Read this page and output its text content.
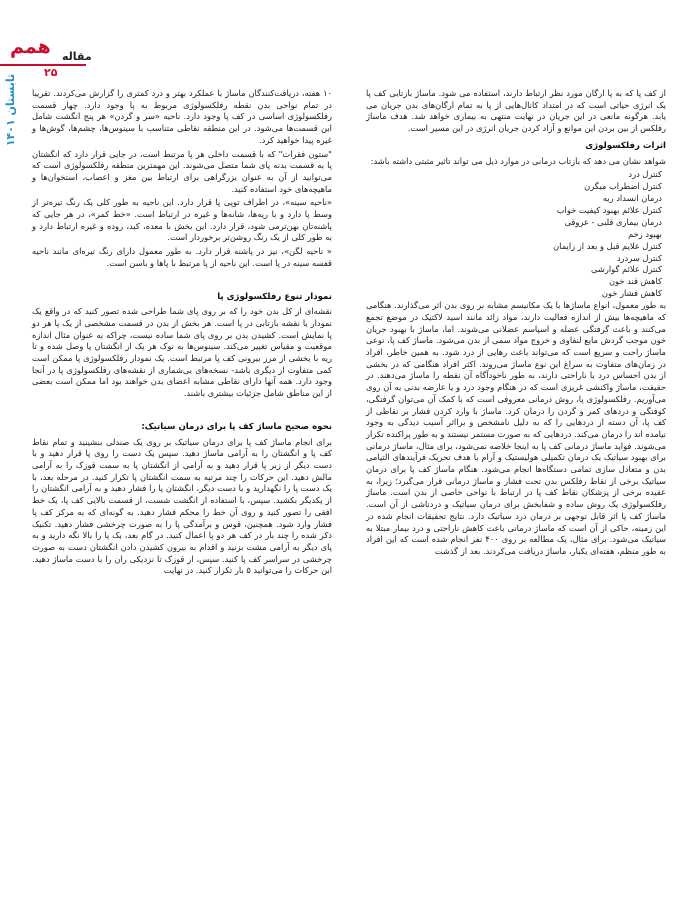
همم مقاله
۲۵
تابستان ۱۴۰۱	از کف پا که به پا ارگان مورد نظر ارتباط دارند، استفاده می شود. ماساژ بازتابی کف پا یک انرژی حیاتی است که در امتداد کانال‌هایی از پا به تمام ارگان‌های بدن جریان می یابد. هرگونه مانعی در این جریان در نهایت منتهی به بیماری خواهد شد. هدف ماساژ رفلکس از بین بردن این موانع و آزاد کردن جریان انرژی در این مسیر است.

اثرات رفلکسولوژی

شواهد نشان می دهد که بازتاب درمانی در موارد ذیل می تواند تاثیر مثبتی داشته باشد:

کنترل درد
کنترل اضطراب میگرن
درمان انسداد ریه
کنترل علائم بهبود کیفیت خواب
درمان بیماری قلبی - عروقی
بهبود زخم
کنترل علایم قبل و بعد از زایمان
کنترل سردرد
کنترل علائم گوارشی
کاهش قند خون
کاهش فشار خون

به طور معمول، انواع ماساژها با یک مکانیسم مشابه بر روی بدن اثر می‌گذارند. هنگامی که ماهیچه‌ها بیش از اندازه فعالیت دارند، مواد زائد مانند اسید لاکتیک در موضع تجمع می‌کنند و باعث گرفتگی عضله و اسپاسم عضلانی می‌شوند. اما، ماساژ با بهبود جریان خون موجب گردش مایع لنفاوی و خروج مواد سمی از بدن می‌شود. ماساژ کف پا، نوعی ماساژ راحت و سریع است که می‌تواند باعث رهایی از درد شود. به همین خاطر، افراد در زمان‌های متفاوت به سراغ این نوع ماساژ می‌روند. اکثر افراد هنگامی که در بخشی از بدن احساس درد یا ناراحتی دارند، به طور ناخودآگاه آن نقطه را ماساژ می‌دهند. در حقیقت، ماساژ واکنشی غریزی است که در هنگام وجود درد و یا عارضه بدنی به آن روی می‌آوریم. رفلکسولوژی پا، روش درمانی معروفی است که با کمک آن می‌توان گرفتگی، کوفتگی و دردهای کمر و گردن را درمان کرد. ماساژ با وارد کردن فشار بر نقاطی از کف پا، آن دسته از دردهایی را که به دلیل نامشخص و برااثر آسیب دیدگی به وجود نیامده اند را درمان می‌کند. دردهایی که به صورت مستمر نیستند و به طور پراکنده تکرار می‌شوند. فواید ماساژ درمانی کف پا به اینجا خلاصه نمی‌شود، برای مثال، ماساژ درمانی برای بهبود سیاتیک یک درمان تکمیلی هولیستیک و آرام با هدف تحریک فرآیندهای التیامی بدن و متعادل سازی تمامی دستگاه‌ها انجام می‌شود. هنگام ماساژ کف پا برای درمان سیاتیک برخی از نقاط رفلکس بدن تحت فشار و ماساژ درمانی قرار می‌گیرد؛ زیرا، به عقیده برخی از پزشکان نقاط کف پا در ارتباط با نواحی خاصی از بدن است. ماساژ رفلکسولوژی یک روش ساده و شفابخش برای درمان سیاتیک و دردناشی از آن است. ماساژ کف پا اثر قابل توجهی بر درمان درد سیاتیک دارد. نتایج تحقیقات انجام شده در این زمینه، حاکی از آن است که ماساژ درمانی باعث کاهش ناراحتی و درد بیمار مبتلا به سیاتیک می‌شود. برای مثال، یک مطالعه بر روی ۴۰۰ نفر انجام شده است که این افراد به طور منظم، هفته‌ای یکبار، ماساژ دریافت می‌کردند. بعد از گذشت

۱۰ هفته، دریافت‌کنندگان ماساژ با عملکرد بهتر و درد کمتری را گزارش می‌کردند. تقریبا در تمام نواحی بدن نقطه رفلکسولوژی مربوط به پا وجود دارد. چهار قسمت رفلکسولوژی اساسی در کف پا وجود دارد. ناحیه «سر و گردن» هر پنج انگشت شامل این قسمت‌ها می‌شود. در این منطقه نقاطی متناسب با سینوس‌ها، چشم‌ها، گوش‌ها و غیره پیدا خواهید کرد.

"ستون فقرات" که با قسمت داخلی هر پا مرتبط است، در جایی قرار دارد که انگشتان پا به قسمت بدنه پای شما متصل می‌شوند. این مهمترین منطقه رفلکسولوژی است که می‌توانید از آن به عنوان بزرگراهی برای ارتباط بین مغز و اعصاب، استخوان‌ها و ماهیچه‌های خود استفاده کنید.

«ناحیه سینه»، در اطراف توپی پا قرار دارد. این ناحیه به طور کلی یک رنگ تیره‌تر از وسط پا دارد و با ریه‌ها، شانه‌ها و غیره در ارتباط است. «خط کمر»، در هر جایی که پاشنه‌تان بهن‌ترمی شود، قرار دارد. این بخش با معده، کبد، روده و غیره ارتباط دارد و به طور کلی از یک رنگ روشن‌تر برخوردار است.

« ناحیه لگن»، نیز در پاشنه قرار دارد. به طور معمول دارای رنگ تیره‌ای مانند ناحیه قفسه سینه در پا است. این ناحیه از پا مرتبط با پاها و باسن است.

نمودار تنوع رفلکسولوژی پا

نقشه‌ای از کل بدن خود را که بر روی پای شما طراحی شده تصور کنید که در واقع یک نمودار یا نقشه بازتابی در پا است. هر بخش از بدن در قسمت مشخصی از یک پا هر دو پا نمایش است. کشیدن بدن بر روی پای شما ساده نیست، چراکه به عنوان مثال اندازه موقعیت و مقیاس تغییر می‌کند. سینوس‌ها به نوک هر یک از انگشتان پا وصل شده و تا ریه با بخشی از مرز بیرونی کف پا مرتبط است. یک نمودار رفلکسولوژی پا ممکن است کمی متفاوت از دیگری باشد- نسخه‌های بی‌شماری از نقشه‌های رفلکسولوژی پا در آنجا وجود دارد. همه آنها دارای نقاطی مشابه اعضای بدن خواهند بود اما ممکن است بعضی از این مناطق شامل جزئیات بیشتری باشند.

نحوه صحیح ماساژ کف پا برای درمان سیاتیک:

برای انجام ماساژ کف پا برای درمان سیاتیک بر روی یک صندلی بنشینید و تمام نقاط کف پا و انگشتان را به آرامی ماساژ دهید. سپس یک دست را روی پا قرار دهید و با دست دیگر از زیر پا قرار دهید و به آرامی از انگشتان پا به سمت قوزک را به آرامی مالش دهید. این حرکات را چند مرتبه به سمت انگشتان پا تکرار کنید. در مرحله بعد، با یک دست پا را نگهدارید و با دست دیگر، انگشتان پا را فشار دهید و به آرامی انگشتان را از یکدیگر بکشید. سپس، با استفاده از انگشت شست، از قسمت بالایی کف پا، یک خط افقی را تصور کنید و روی آن خط را محکم فشار دهید. به گونه‌ای که به مرکز کف پا فشار وارد شود. همچنین، قوس و برآمدگی پا را به صورت چرخشی فشار دهید. تکنیک ذکر شده را چند بار در کف هر دو پا اعمال کنید. در گام بعد، یک پا را بالا نگه دارید و به پای دیگر به آرامی مشت بزنید و اقدام به بیرون کشیدن دادن انگشتان دست به صورت چرخشی در سراسر کف پا کنید. سپس، از قوزک تا نزدیکی ران را با دست ماساژ دهید. این حرکات را می‌توانید ۵ بار تکرار کنید. در نهایت
